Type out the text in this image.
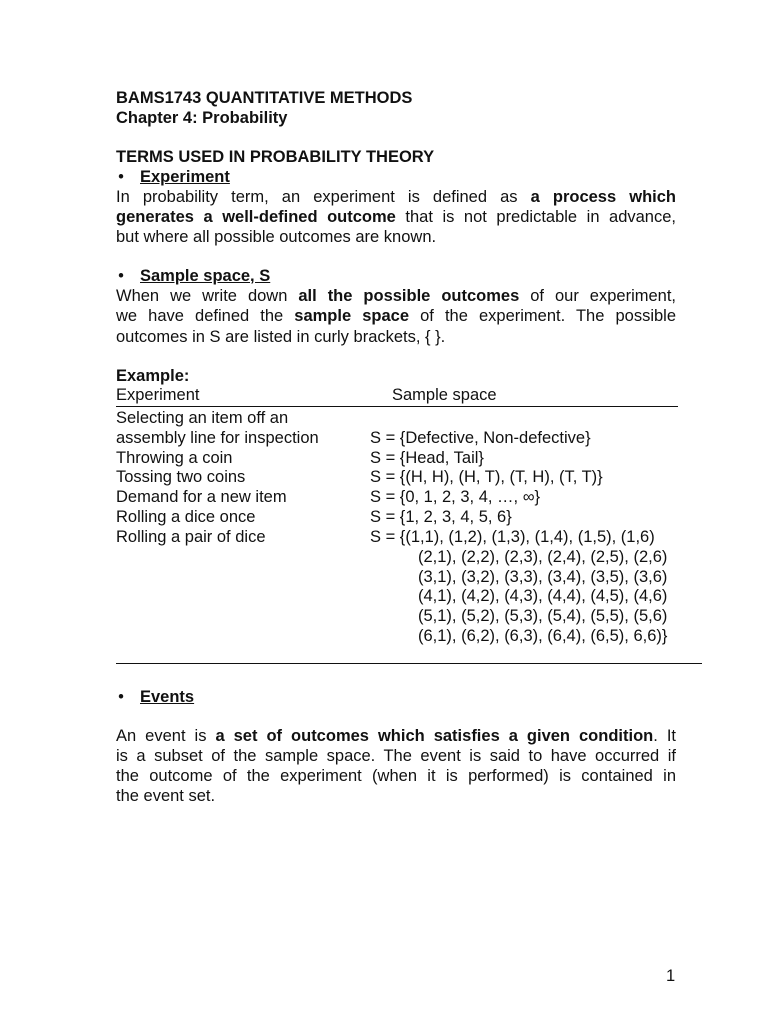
BAMS1743 QUANTITATIVE METHODS
Chapter 4: Probability
TERMS USED IN PROBABILITY THEORY
• Experiment
In probability term, an experiment is defined as a process which
generates a well-defined outcome that is not predictable in advance,
but where all possible outcomes are known.
• Sample space, S
When we write down all the possible outcomes of our experiment,
we have defined the sample space of the experiment. The possible
outcomes in S are listed in curly brackets, { }.
Example:
Experiment	Sample space
Selecting an item off an
assembly line for inspection	S = {Defective, Non-defective}
Throwing a coin	S = {Head, Tail}
Tossing two coins	S = {(H, H), (H, T), (T, H), (T, T)}
Demand for a new item	S = {0, 1, 2, 3, 4, …, ∞}
Rolling a dice once	S = {1, 2, 3, 4, 5, 6}
Rolling a pair of dice	S = {(1,1), (1,2), (1,3), (1,4), (1,5), (1,6)
(2,1), (2,2), (2,3), (2,4), (2,5), (2,6)
(3,1), (3,2), (3,3), (3,4), (3,5), (3,6)
(4,1), (4,2), (4,3), (4,4), (4,5), (4,6)
(5,1), (5,2), (5,3), (5,4), (5,5), (5,6)
(6,1), (6,2), (6,3), (6,4), (6,5), 6,6)}
• Events
An event is a set of outcomes which satisfies a given condition. It
is a subset of the sample space. The event is said to have occurred if
the outcome of the experiment (when it is performed) is contained in
the event set.
1
